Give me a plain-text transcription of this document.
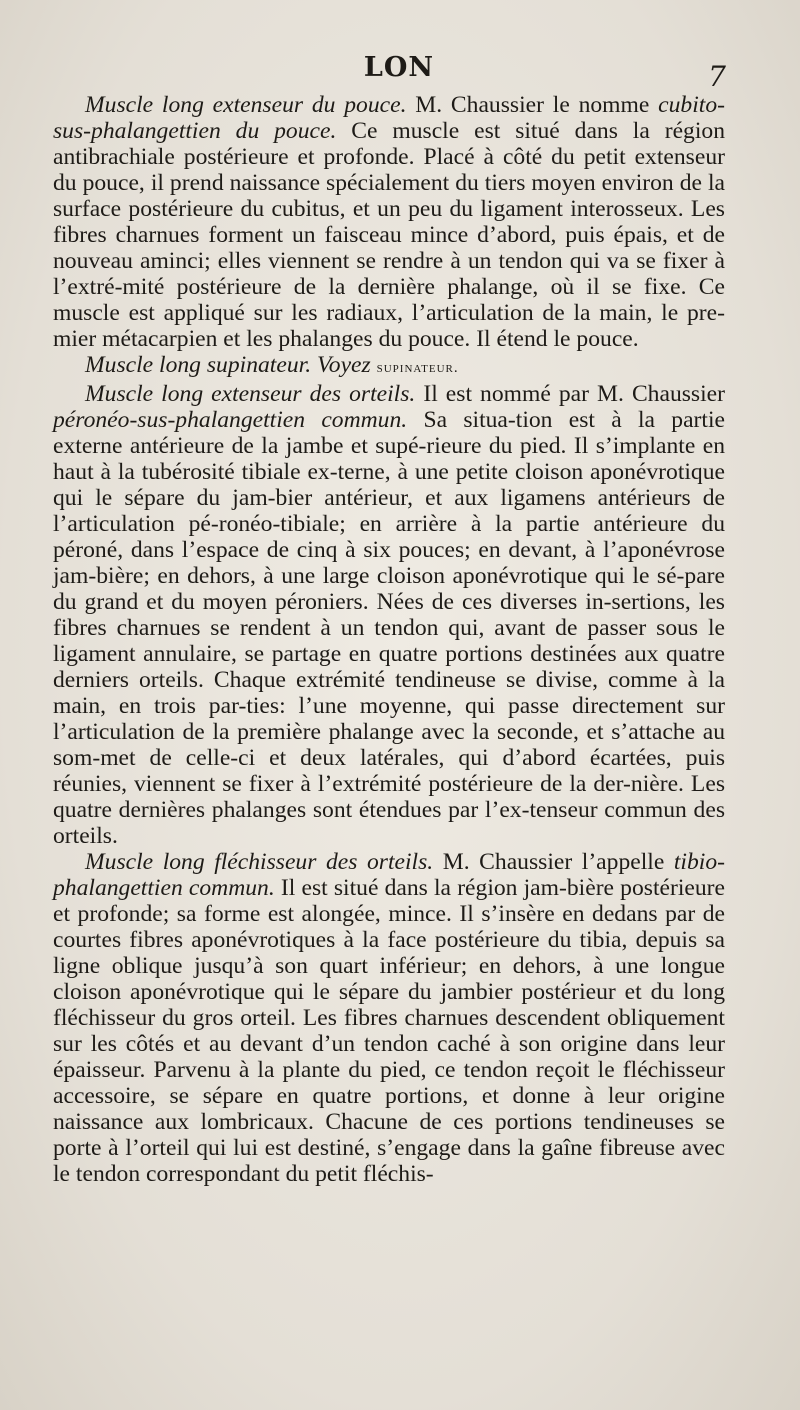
LON	7

Muscle long extenseur du pouce. M. Chaussier le nomme cubito-sus-phalangettien du pouce. Ce muscle est situé dans la région antibrachiale postérieure et profonde. Placé à côté du petit extenseur du pouce, il prend naissance spécialement du tiers moyen environ de la surface postérieure du cubitus, et un peu du ligament interosseux. Les fibres charnues forment un faisceau mince d’abord, puis épais, et de nouveau aminci; elles viennent se rendre à un tendon qui va se fixer à l’extré-mité postérieure de la dernière phalange, où il se fixe. Ce muscle est appliqué sur les radiaux, l’articulation de la main, le pre-mier métacarpien et les phalanges du pouce. Il étend le pouce.

Muscle long supinateur. Voyez supinateur.

Muscle long extenseur des orteils. Il est nommé par M. Chaussier péronéo-sus-phalangettien commun. Sa situa-tion est à la partie externe antérieure de la jambe et supé-rieure du pied. Il s’implante en haut à la tubérosité tibiale ex-terne, à une petite cloison aponévrotique qui le sépare du jam-bier antérieur, et aux ligamens antérieurs de l’articulation pé-ronéo-tibiale; en arrière à la partie antérieure du péroné, dans l’espace de cinq à six pouces; en devant, à l’aponévrose jam-bière; en dehors, à une large cloison aponévrotique qui le sé-pare du grand et du moyen péroniers. Nées de ces diverses in-sertions, les fibres charnues se rendent à un tendon qui, avant de passer sous le ligament annulaire, se partage en quatre portions destinées aux quatre derniers orteils. Chaque extrémité tendineuse se divise, comme à la main, en trois par-ties: l’une moyenne, qui passe directement sur l’articulation de la première phalange avec la seconde, et s’attache au som-met de celle-ci et deux latérales, qui d’abord écartées, puis réunies, viennent se fixer à l’extrémité postérieure de la der-nière. Les quatre dernières phalanges sont étendues par l’ex-tenseur commun des orteils.

Muscle long fléchisseur des orteils. M. Chaussier l’appelle tibio-phalangettien commun. Il est situé dans la région jam-bière postérieure et profonde; sa forme est alongée, mince. Il s’insère en dedans par de courtes fibres aponévrotiques à la face postérieure du tibia, depuis sa ligne oblique jusqu’à son quart inférieur; en dehors, à une longue cloison aponévrotique qui le sépare du jambier postérieur et du long fléchisseur du gros orteil. Les fibres charnues descendent obliquement sur les côtés et au devant d’un tendon caché à son origine dans leur épaisseur. Parvenu à la plante du pied, ce tendon reçoit le fléchisseur accessoire, se sépare en quatre portions, et donne à leur origine naissance aux lombricaux. Chacune de ces portions tendineuses se porte à l’orteil qui lui est destiné, s’engage dans la gaîne fibreuse avec le tendon correspondant du petit fléchis-
